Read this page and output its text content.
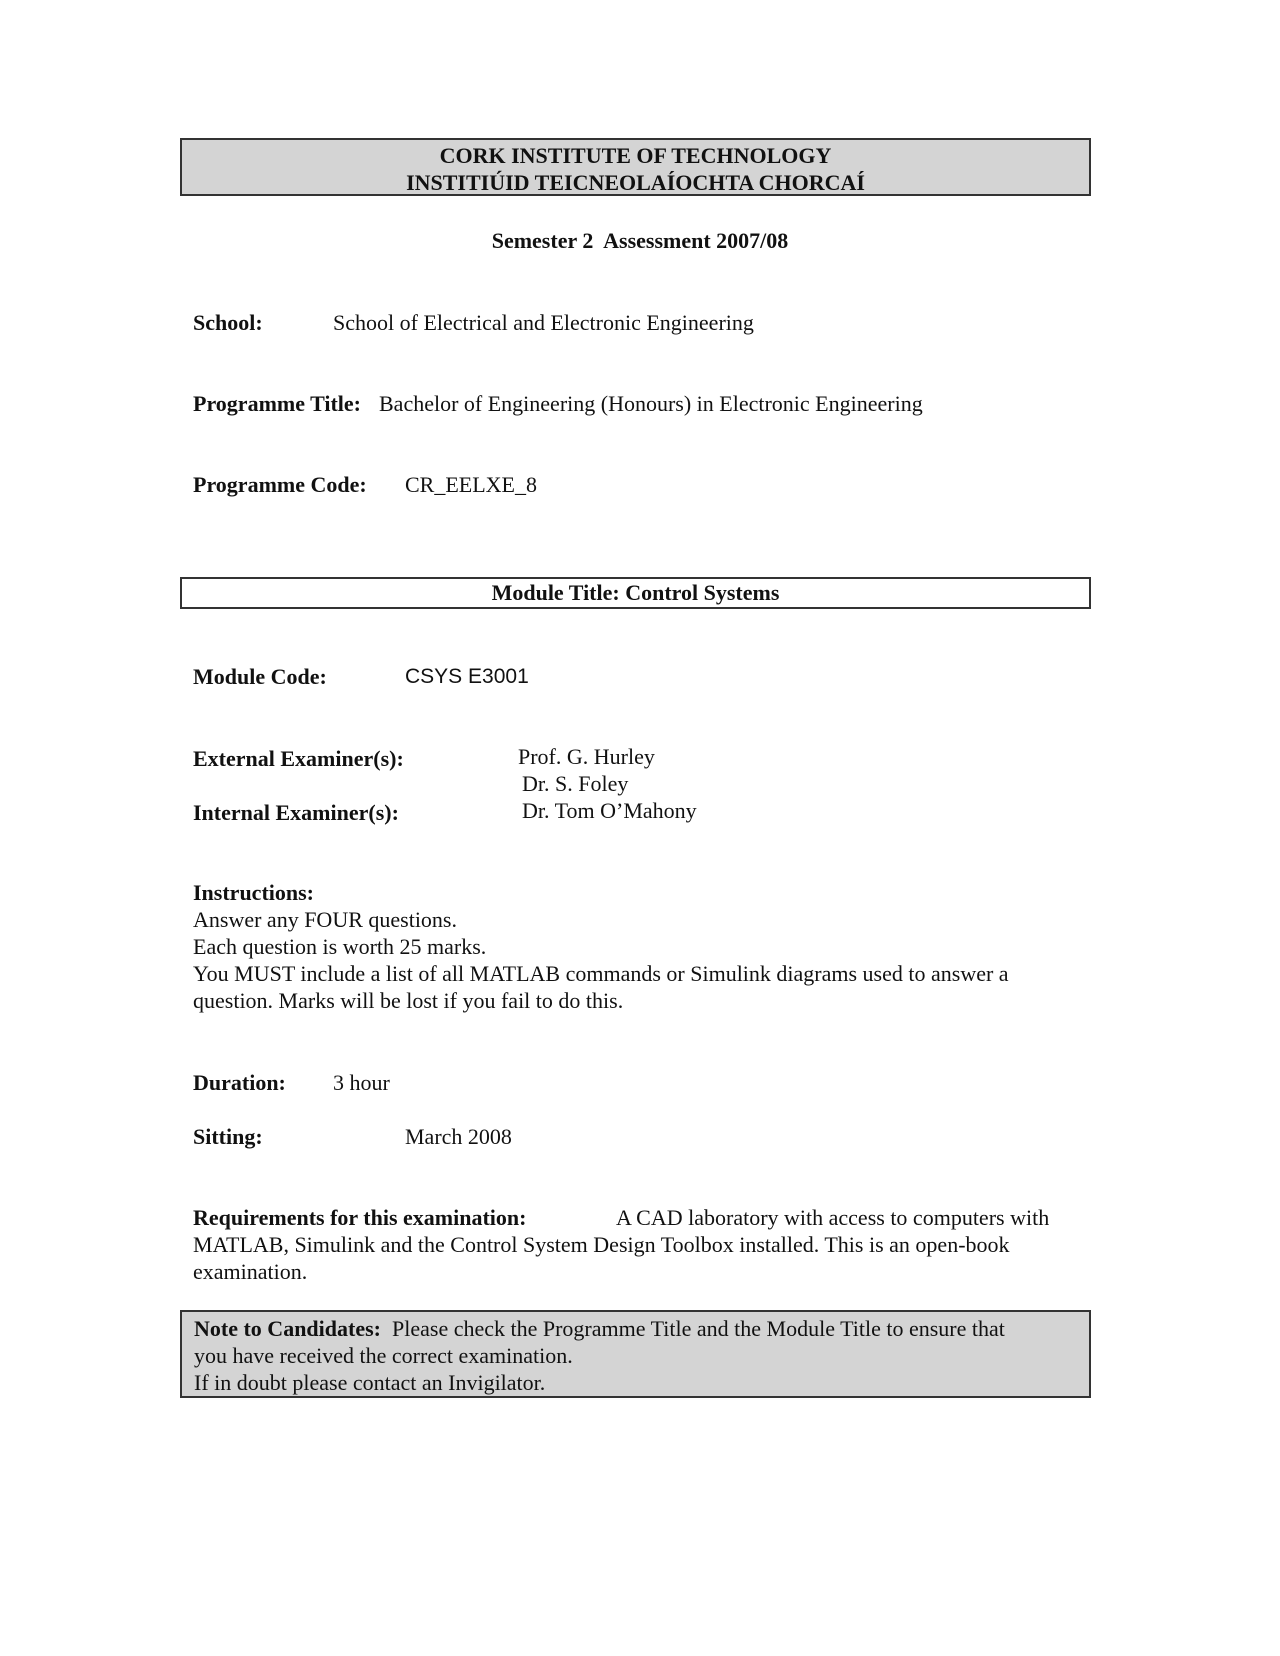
CORK INSTITUTE OF TECHNOLOGY
INSTITIÚID TEICNEOLAÍOCHTA CHORCAÍ
Semester 2  Assessment 2007/08
School:	School of Electrical and Electronic Engineering
Programme Title: Bachelor of Engineering (Honours) in Electronic Engineering
Programme Code: CR_EELXE_8
Module Title: Control Systems
Module Code:	CSYS E3001
External Examiner(s):	Prof. G. Hurley
Dr. S. Foley
Internal Examiner(s):	Dr. Tom O’Mahony
Instructions:
Answer any FOUR questions.
Each question is worth 25 marks.
You MUST include a list of all MATLAB commands or Simulink diagrams used to answer a
question. Marks will be lost if you fail to do this.
Duration: 3 hour
Sitting:	March 2008
Requirements for this examination:	A CAD laboratory with access to computers with
MATLAB, Simulink and the Control System Design Toolbox installed. This is an open-book
examination.
Note to Candidates: Please check the Programme Title and the Module Title to ensure that
you have received the correct examination.
If in doubt please contact an Invigilator.
